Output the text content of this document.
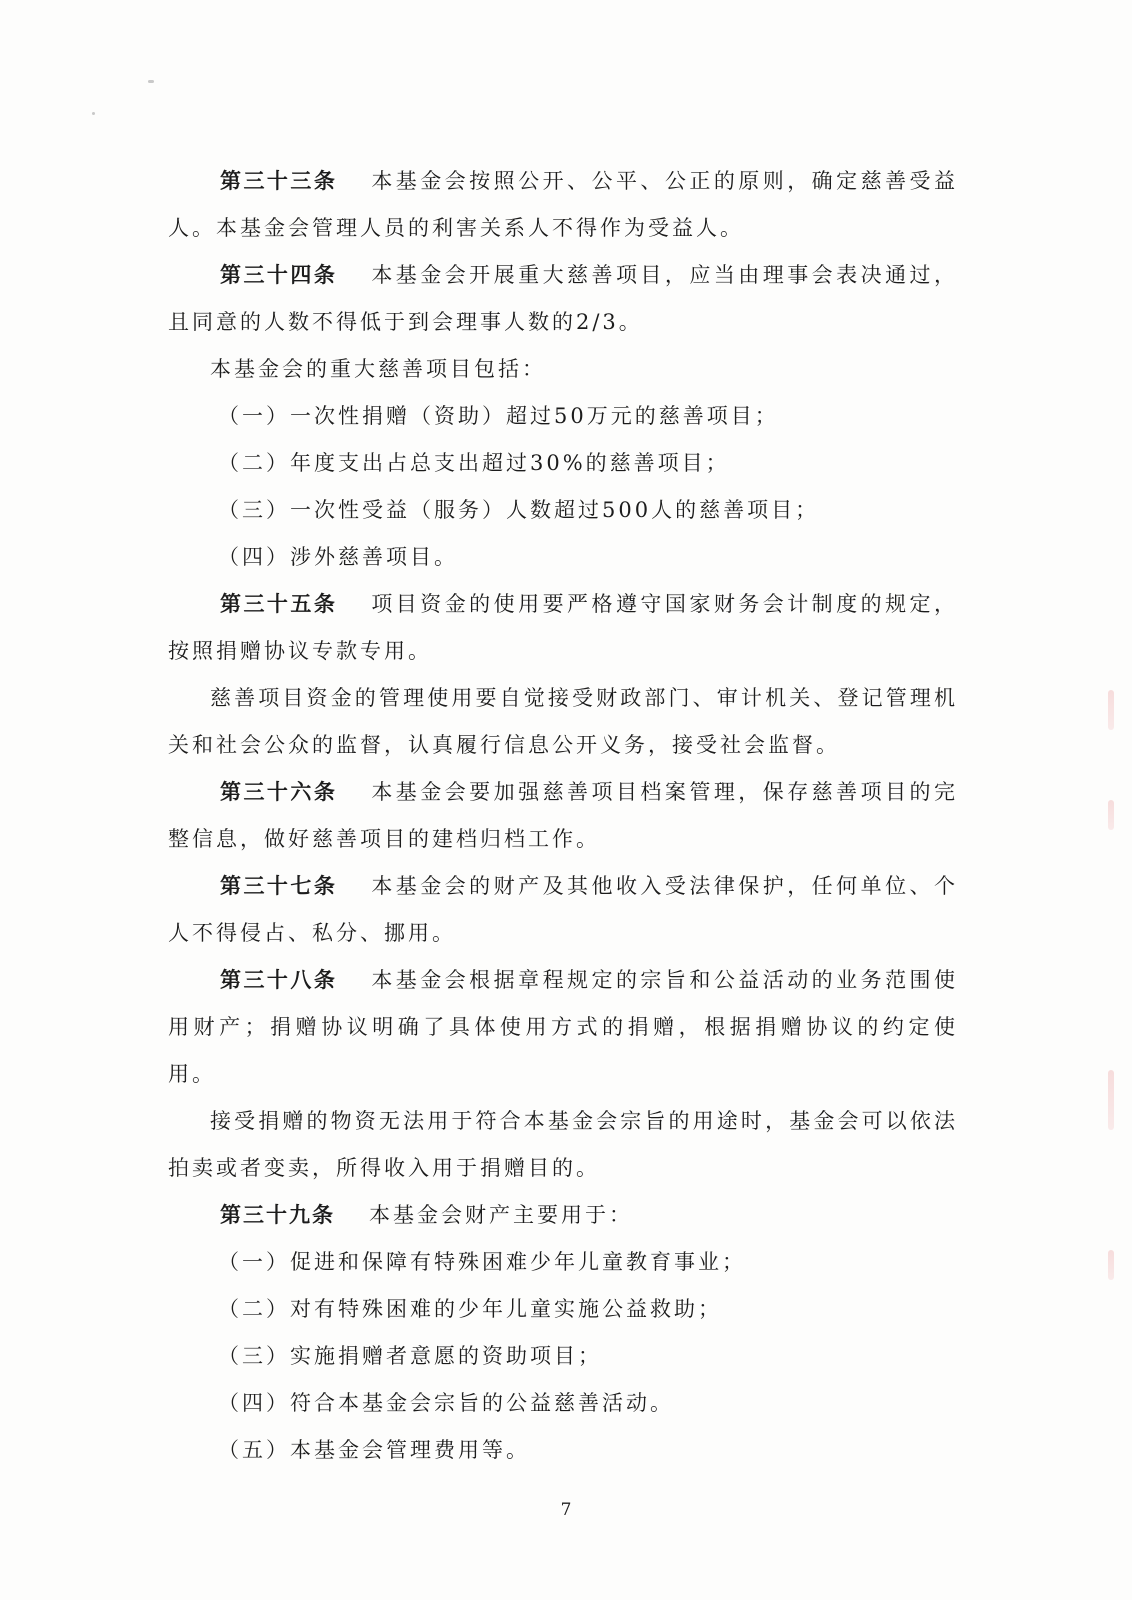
第三十三条 本基金会按照公开、公平、公正的原则，确定慈善受益人。本基金会管理人员的利害关系人不得作为受益人。

第三十四条 本基金会开展重大慈善项目，应当由理事会表决通过，且同意的人数不得低于到会理事人数的2/3。

本基金会的重大慈善项目包括：

（一）一次性捐赠（资助）超过50万元的慈善项目；

（二）年度支出占总支出超过30%的慈善项目；

（三）一次性受益（服务）人数超过500人的慈善项目；

（四）涉外慈善项目。

第三十五条 项目资金的使用要严格遵守国家财务会计制度的规定，按照捐赠协议专款专用。

慈善项目资金的管理使用要自觉接受财政部门、审计机关、登记管理机关和社会公众的监督，认真履行信息公开义务，接受社会监督。

第三十六条 本基金会要加强慈善项目档案管理，保存慈善项目的完整信息，做好慈善项目的建档归档工作。

第三十七条 本基金会的财产及其他收入受法律保护，任何单位、个人不得侵占、私分、挪用。

第三十八条 本基金会根据章程规定的宗旨和公益活动的业务范围使用财产；捐赠协议明确了具体使用方式的捐赠，根据捐赠协议的约定使用。

接受捐赠的物资无法用于符合本基金会宗旨的用途时，基金会可以依法拍卖或者变卖，所得收入用于捐赠目的。

第三十九条 本基金会财产主要用于：

（一）促进和保障有特殊困难少年儿童教育事业；

（二）对有特殊困难的少年儿童实施公益救助；

（三）实施捐赠者意愿的资助项目；

（四）符合本基金会宗旨的公益慈善活动。

（五）本基金会管理费用等。

7
